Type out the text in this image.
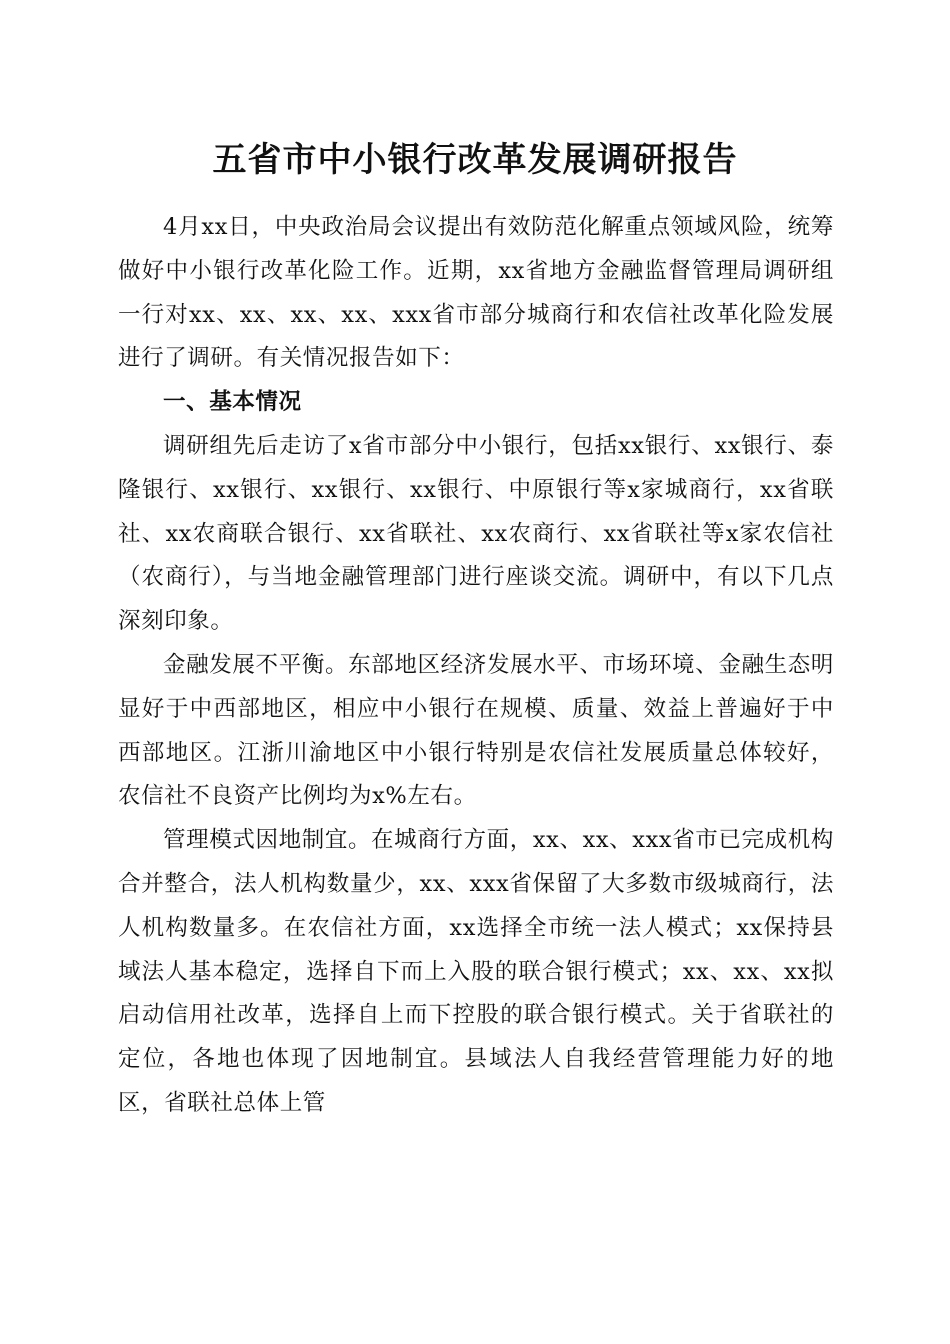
五省市中小银行改革发展调研报告

4月xx日，中央政治局会议提出有效防范化解重点领域风险，统筹做好中小银行改革化险工作。近期，xx省地方金融监督管理局调研组一行对xx、xx、xx、xx、xxx省市部分城商行和农信社改革化险发展进行了调研。有关情况报告如下：

一、基本情况

调研组先后走访了x省市部分中小银行，包括xx银行、xx银行、泰隆银行、xx银行、xx银行、xx银行、中原银行等x家城商行，xx省联社、xx农商联合银行、xx省联社、xx农商行、xx省联社等x家农信社（农商行），与当地金融管理部门进行座谈交流。调研中，有以下几点深刻印象。

金融发展不平衡。东部地区经济发展水平、市场环境、金融生态明显好于中西部地区，相应中小银行在规模、质量、效益上普遍好于中西部地区。江浙川渝地区中小银行特别是农信社发展质量总体较好，农信社不良资产比例均为x%左右。

管理模式因地制宜。在城商行方面，xx、xx、xxx省市已完成机构合并整合，法人机构数量少，xx、xxx省保留了大多数市级城商行，法人机构数量多。在农信社方面，xx选择全市统一法人模式；xx保持县域法人基本稳定，选择自下而上入股的联合银行模式；xx、xx、xx拟启动信用社改革，选择自上而下控股的联合银行模式。关于省联社的定位，各地也体现了因地制宜。县域法人自我经营管理能力好的地区，省联社总体上管
